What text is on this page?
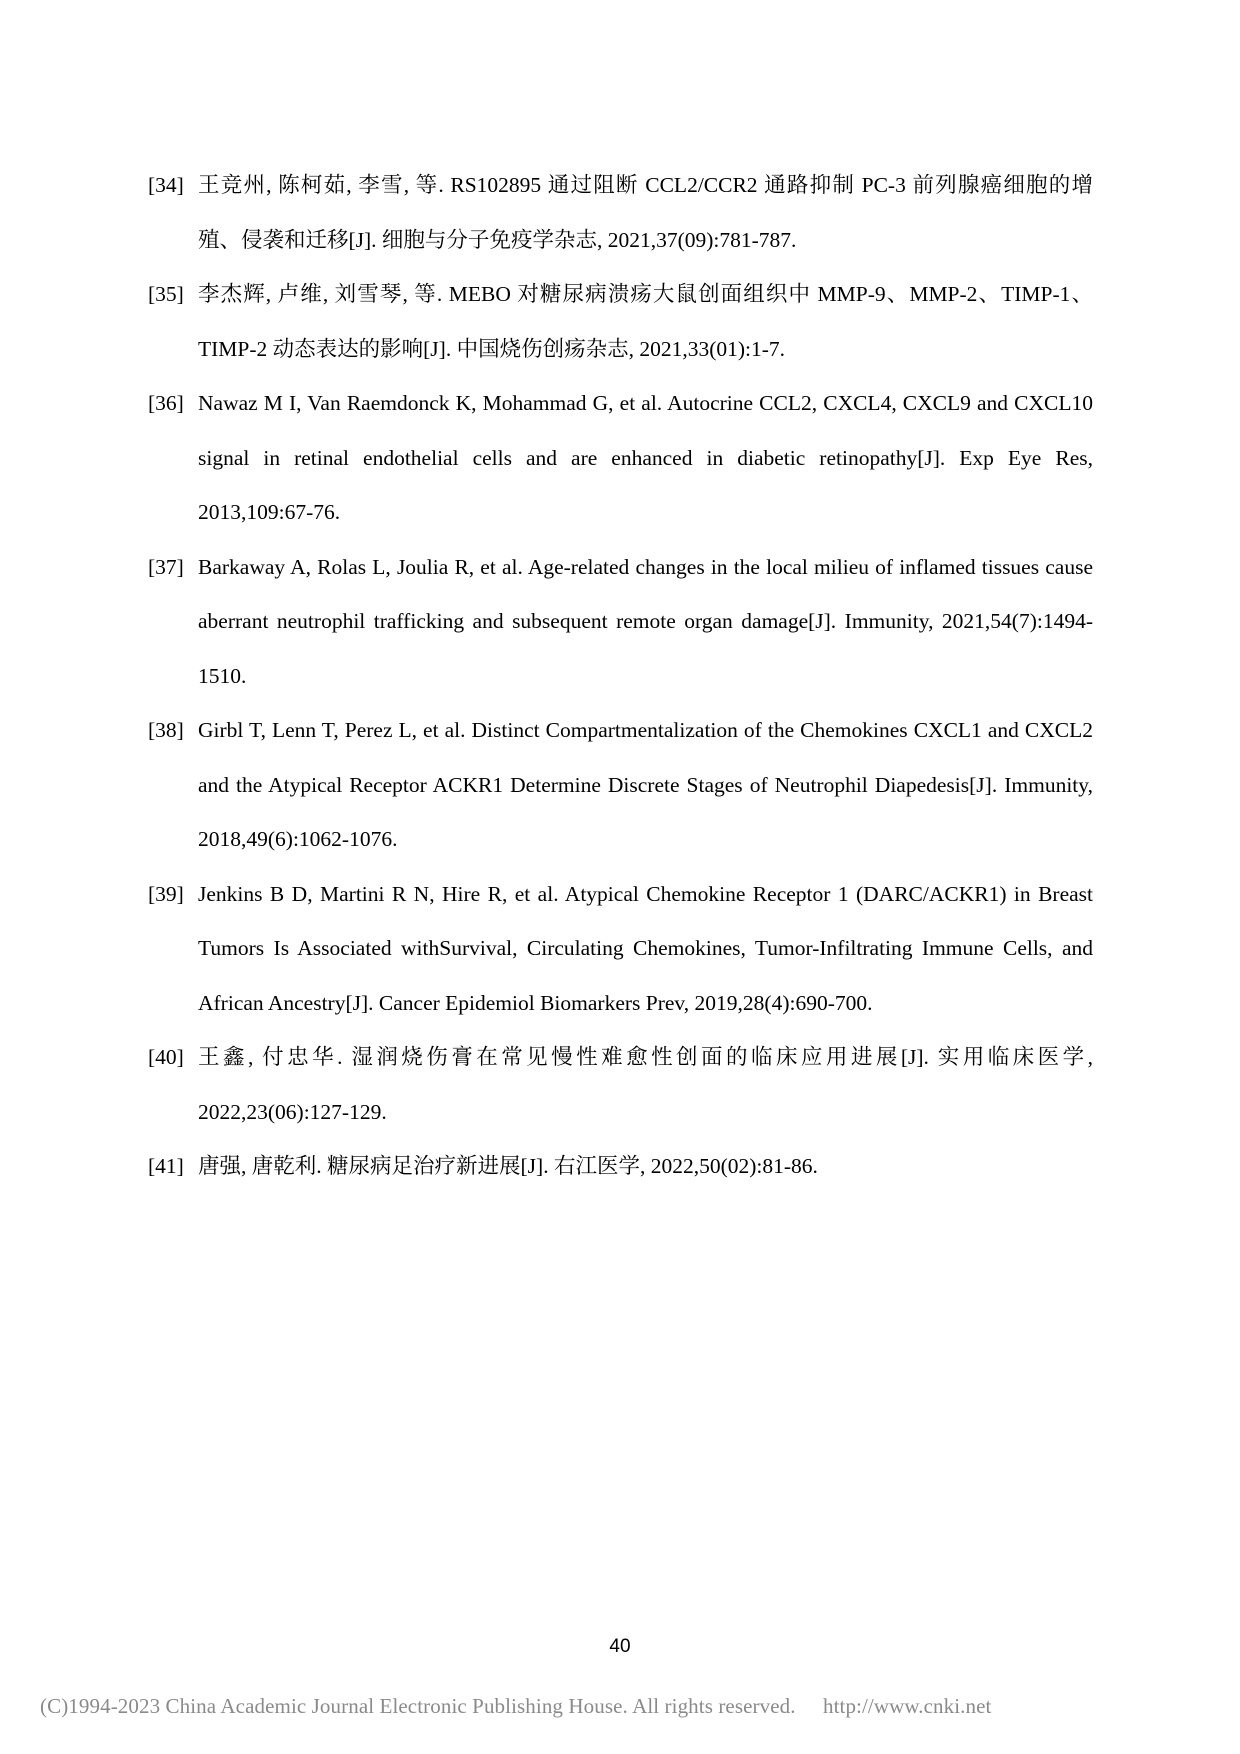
[34] 王竞州, 陈柯茹, 李雪, 等. RS102895 通过阻断 CCL2/CCR2 通路抑制 PC-3 前列腺癌细胞的增殖、侵袭和迁移[J]. 细胞与分子免疫学杂志, 2021,37(09):781-787.
[35] 李杰辉, 卢维, 刘雪琴, 等. MEBO 对糖尿病溃疡大鼠创面组织中 MMP-9、MMP-2、TIMP-1、TIMP-2 动态表达的影响[J]. 中国烧伤创疡杂志, 2021,33(01):1-7.
[36] Nawaz M I, Van Raemdonck K, Mohammad G, et al. Autocrine CCL2, CXCL4, CXCL9 and CXCL10 signal in retinal endothelial cells and are enhanced in diabetic retinopathy[J]. Exp Eye Res, 2013,109:67-76.
[37] Barkaway A, Rolas L, Joulia R, et al. Age-related changes in the local milieu of inflamed tissues cause aberrant neutrophil trafficking and subsequent remote organ damage[J]. Immunity, 2021,54(7):1494-1510.
[38] Girbl T, Lenn T, Perez L, et al. Distinct Compartmentalization of the Chemokines CXCL1 and CXCL2 and the Atypical Receptor ACKR1 Determine Discrete Stages of Neutrophil Diapedesis[J]. Immunity, 2018,49(6):1062-1076.
[39] Jenkins B D, Martini R N, Hire R, et al. Atypical Chemokine Receptor 1 (DARC/ACKR1) in Breast Tumors Is Associated withSurvival, Circulating Chemokines, Tumor-Infiltrating Immune Cells, and African Ancestry[J]. Cancer Epidemiol Biomarkers Prev, 2019,28(4):690-700.
[40] 王鑫, 付忠华. 湿润烧伤膏在常见慢性难愈性创面的临床应用进展[J]. 实用临床医学, 2022,23(06):127-129.
[41] 唐强, 唐乾利. 糖尿病足治疗新进展[J]. 右江医学, 2022,50(02):81-86.
40
(C)1994-2023 China Academic Journal Electronic Publishing House. All rights reserved. http://www.cnki.net
